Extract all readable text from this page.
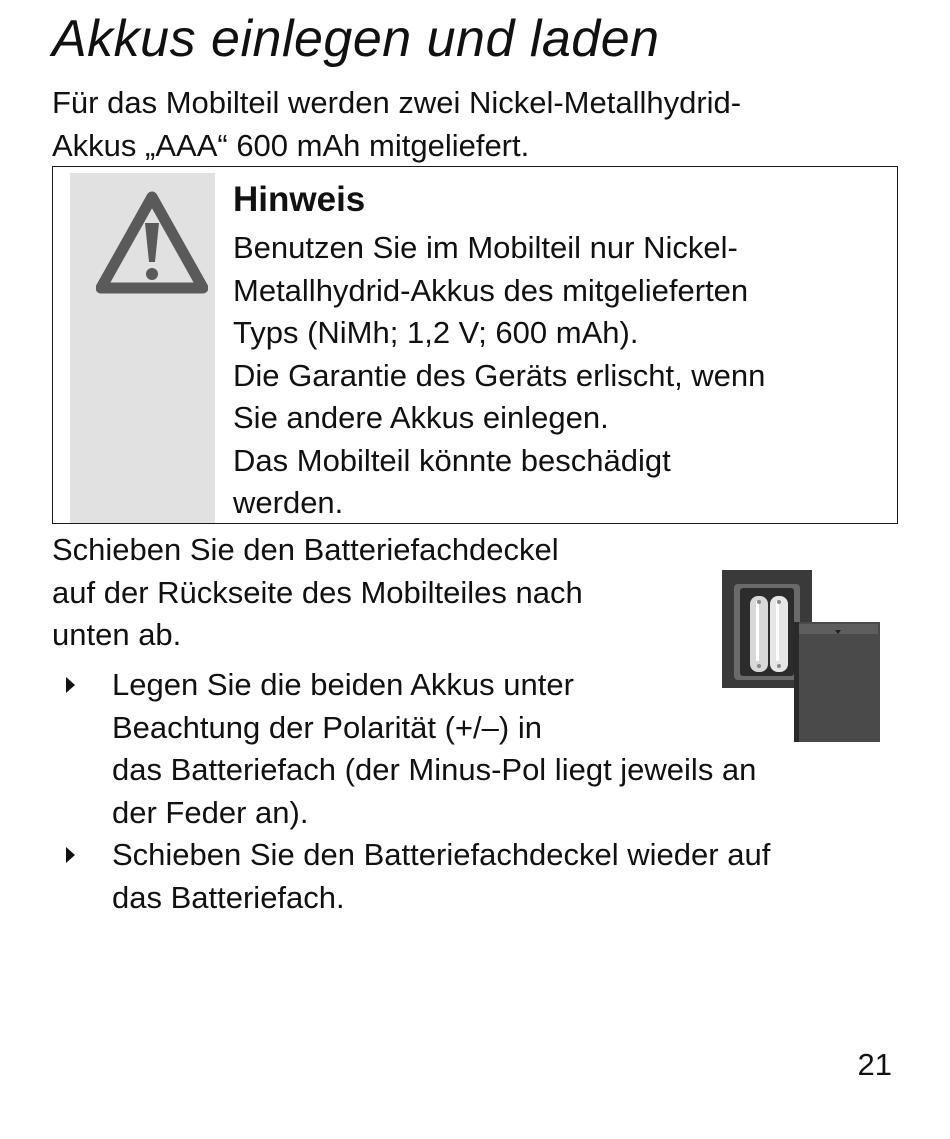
Akkus einlegen und laden

Für das Mobilteil werden zwei Nickel-Metallhydrid-
Akkus „AAA“ 600 mAh mitgeliefert.

Hinweis

Benutzen Sie im Mobilteil nur Nickel-
Metallhydrid-Akkus des mitgelieferten
Typs (NiMh; 1,2 V; 600 mAh).
Die Garantie des Geräts erlischt, wenn
Sie andere Akkus einlegen.
Das Mobilteil könnte beschädigt
werden.

Schieben Sie den Batteriefachdeckel
auf der Rückseite des Mobilteiles nach
unten ab.

Legen Sie die beiden Akkus unter
Beachtung der Polarität (+/–) in
das Batteriefach (der Minus-Pol liegt jeweils an
der Feder an).
Schieben Sie den Batteriefachdeckel wieder auf
das Batteriefach.
21
